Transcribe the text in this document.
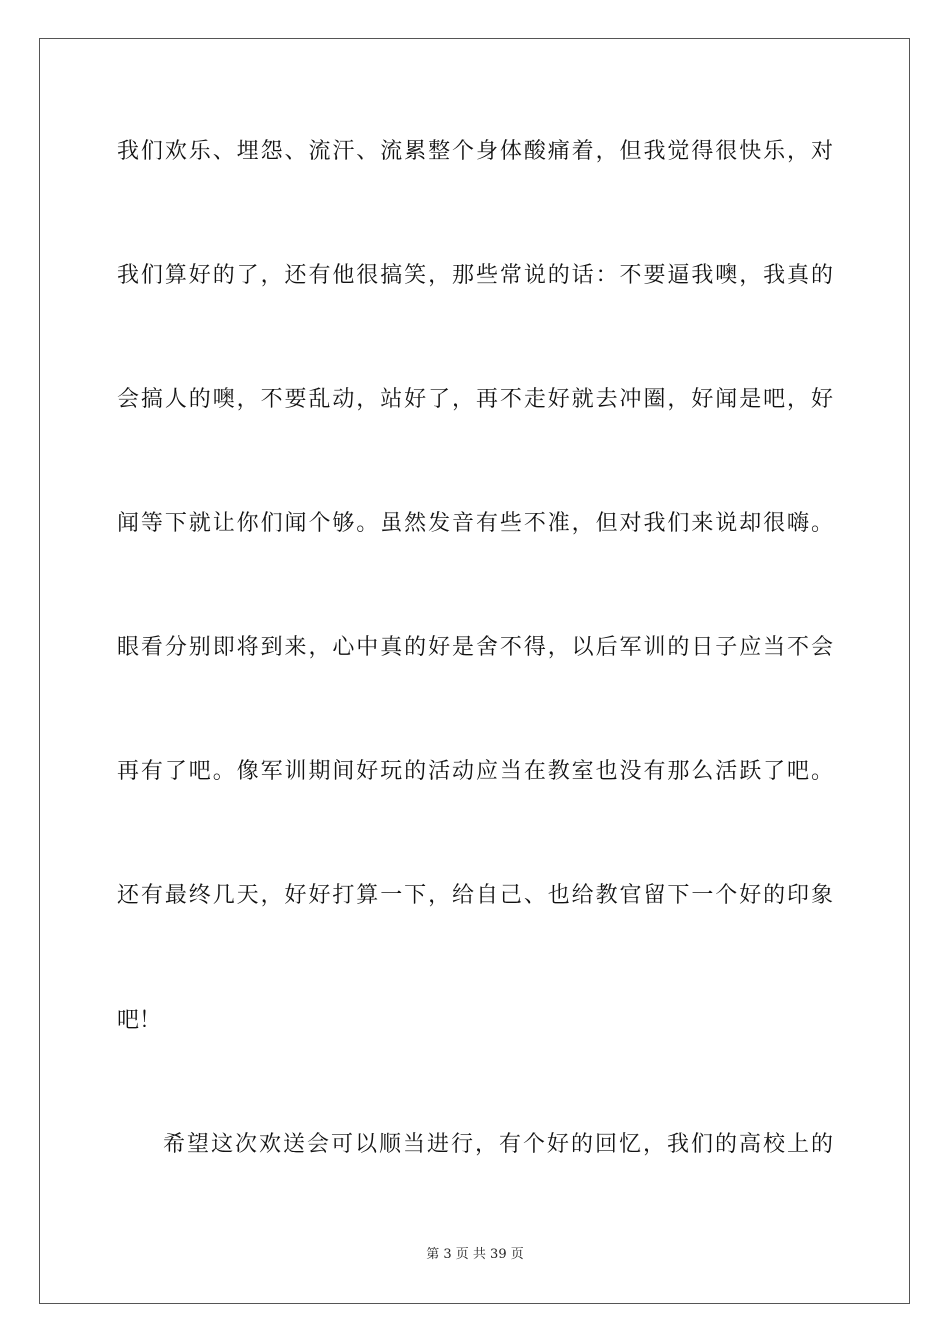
我们欢乐、埋怨、流汗、流累整个身体酸痛着，但我觉得很快乐，对
我们算好的了，还有他很搞笑，那些常说的话：不要逼我噢，我真的
会搞人的噢，不要乱动，站好了，再不走好就去冲圈，好闻是吧，好
闻等下就让你们闻个够。虽然发音有些不准，但对我们来说却很嗨。
眼看分别即将到来，心中真的好是舍不得，以后军训的日子应当不会
再有了吧。像军训期间好玩的活动应当在教室也没有那么活跃了吧。
还有最终几天，好好打算一下，给自己、也给教官留下一个好的印象
吧！
希望这次欢送会可以顺当进行，有个好的回忆，我们的高校上的
第 3 页 共 39 页
